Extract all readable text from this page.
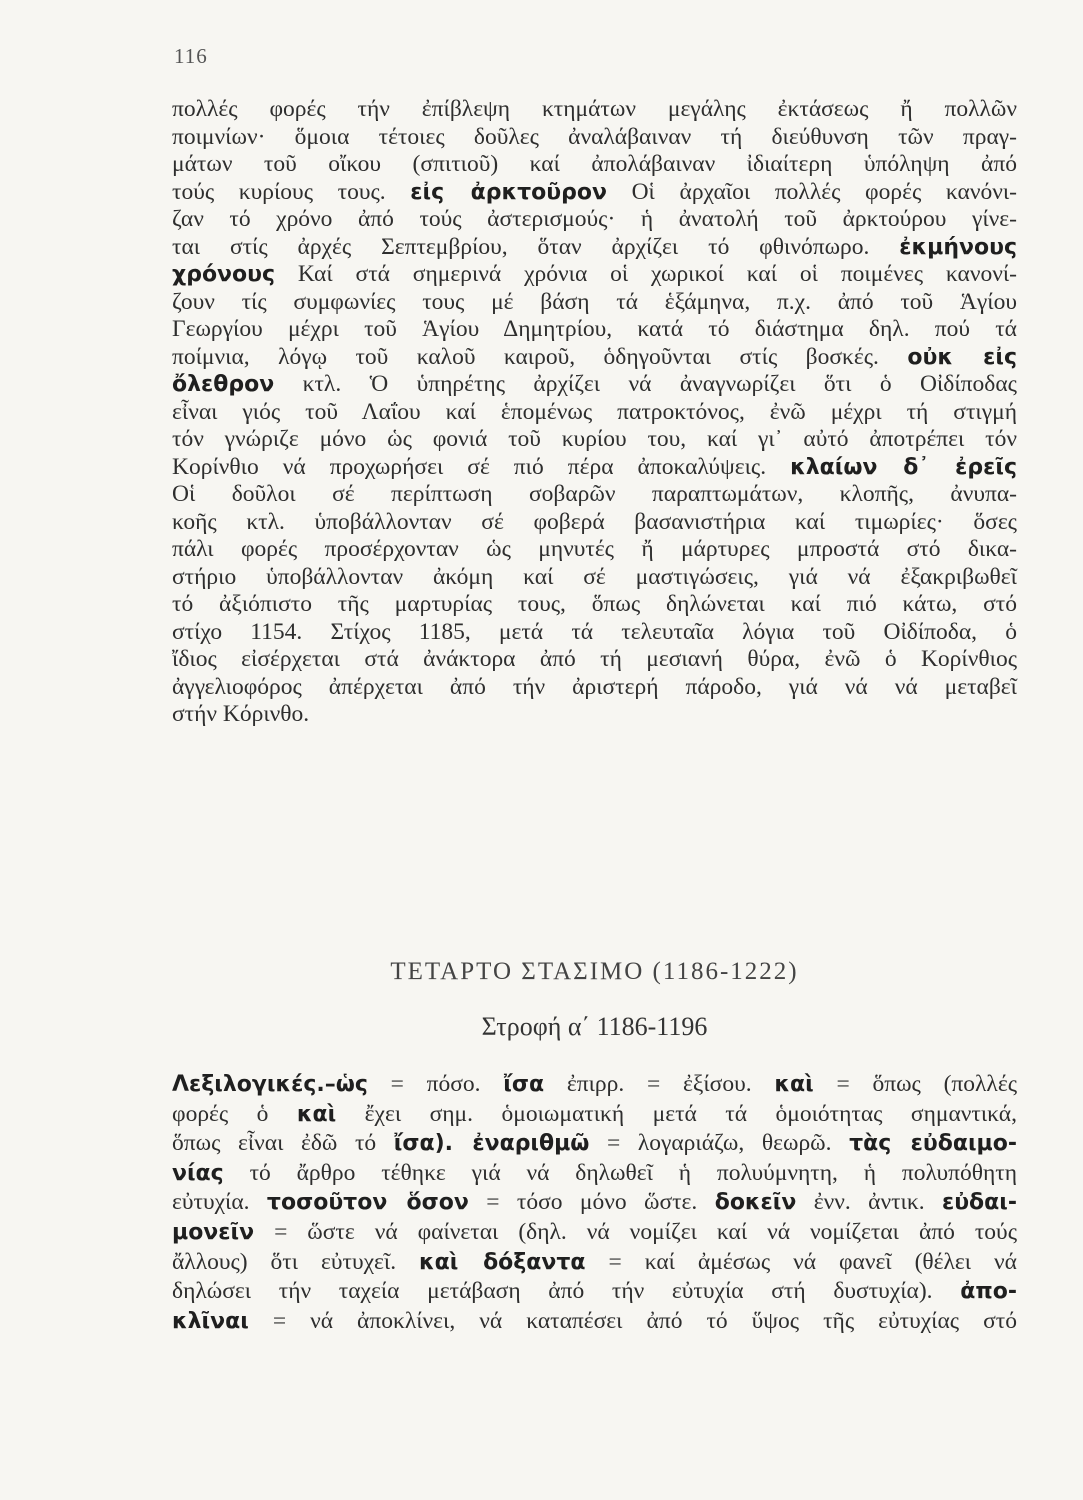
116
πολλές φορές τήν ἐπίβλεψη κτημάτων μεγάλης ἐκτάσεως ἤ πολλῶν
ποιμνίων· ὅμοια τέτοιες δοῦλες ἀναλάβαιναν τή διεύθυνση τῶν πραγ-
μάτων τοῦ οἴκου (σπιτιοῦ) καί ἀπολάβαιναν ἰδιαίτερη ὑπόληψη ἀπό
τούς κυρίους τους. εἰς ἀρκτοῦρον Οἱ ἀρχαῖοι πολλές φορές κανόνι-
ζαν τό χρόνο ἀπό τούς ἀστερισμούς· ἡ ἀνατολή τοῦ ἀρκτούρου γίνε-
ται στίς ἀρχές Σεπτεμβρίου, ὅταν ἀρχίζει τό φθινόπωρο. ἐκμήνους
χρόνους Καί στά σημερινά χρόνια οἱ χωρικοί καί οἱ ποιμένες κανονί-
ζουν τίς συμφωνίες τους μέ βάση τά ἑξάμηνα, π.χ. ἀπό τοῦ Ἁγίου
Γεωργίου μέχρι τοῦ Ἁγίου Δημητρίου, κατά τό διάστημα δηλ. πού τά
ποίμνια, λόγῳ τοῦ καλοῦ καιροῦ, ὁδηγοῦνται στίς βοσκές. οὐκ εἰς
ὄλεθρον κτλ. Ὁ ὑπηρέτης ἀρχίζει νά ἀναγνωρίζει ὅτι ὁ Οἰδίποδας
εἶναι γιός τοῦ Λαΐου καί ἑπομένως πατροκτόνος, ἐνῶ μέχρι τή στιγμή
τόν γνώριζε μόνο ὡς φονιά τοῦ κυρίου του, καί γι᾽ αὐτό ἀποτρέπει τόν
Κορίνθιο νά προχωρήσει σέ πιό πέρα ἀποκαλύψεις. κλαίων δ᾽ ἐρεῖς
Οἱ δοῦλοι σέ περίπτωση σοβαρῶν παραπτωμάτων, κλοπῆς, ἀνυπα-
κοῆς κτλ. ὑποβάλλονταν σέ φοβερά βασανιστήρια καί τιμωρίες· ὅσες
πάλι φορές προσέρχονταν ὡς μηνυτές ἤ μάρτυρες μπροστά στό δικα-
στήριο ὑποβάλλονταν ἀκόμη καί σέ μαστιγώσεις, γιά νά ἐξακριβωθεῖ
τό ἀξιόπιστο τῆς μαρτυρίας τους, ὅπως δηλώνεται καί πιό κάτω, στό
στίχο 1154. Στίχος 1185, μετά τά τελευταῖα λόγια τοῦ Οἰδίποδα, ὁ
ἴδιος εἰσέρχεται στά ἀνάκτορα ἀπό τή μεσιανή θύρα, ἐνῶ ὁ Κορίνθιος
ἀγγελιοφόρος ἀπέρχεται ἀπό τήν ἀριστερή πάροδο, γιά νά νά μεταβεῖ
στήν Κόρινθο.
ΤΕΤΑΡΤΟ ΣΤΑΣΙΜΟ (1186-1222)
Στροφή α΄ 1186-1196
Λεξιλογικές.–ὡς = πόσο. ἴσα ἐπιρρ. = ἐξίσου. καὶ = ὅπως (πολλές
φορές ὁ καὶ ἔχει σημ. ὁμοιωματική μετά τά ὁμοιότητας σημαντικά,
ὅπως εἶναι ἐδῶ τό ἴσα). ἐναριθμῶ = λογαριάζω, θεωρῶ. τὰς εὐδαιμο-
νίας τό ἄρθρο τέθηκε γιά νά δηλωθεῖ ἡ πολυύμνητη, ἡ πολυπόθητη
εὐτυχία. τοσοῦτον ὅσον = τόσο μόνο ὥστε. δοκεῖν ἐνν. ἀντικ. εὐδαι-
μονεῖν = ὥστε νά φαίνεται (δηλ. νά νομίζει καί νά νομίζεται ἀπό τούς
ἄλλους) ὅτι εὐτυχεῖ. καὶ δόξαντα = καί ἀμέσως νά φανεῖ (θέλει νά
δηλώσει τήν ταχεία μετάβαση ἀπό τήν εὐτυχία στή δυστυχία). ἀπο-
κλῖναι = νά ἀποκλίνει, νά καταπέσει ἀπό τό ὕψος τῆς εὐτυχίας στό
